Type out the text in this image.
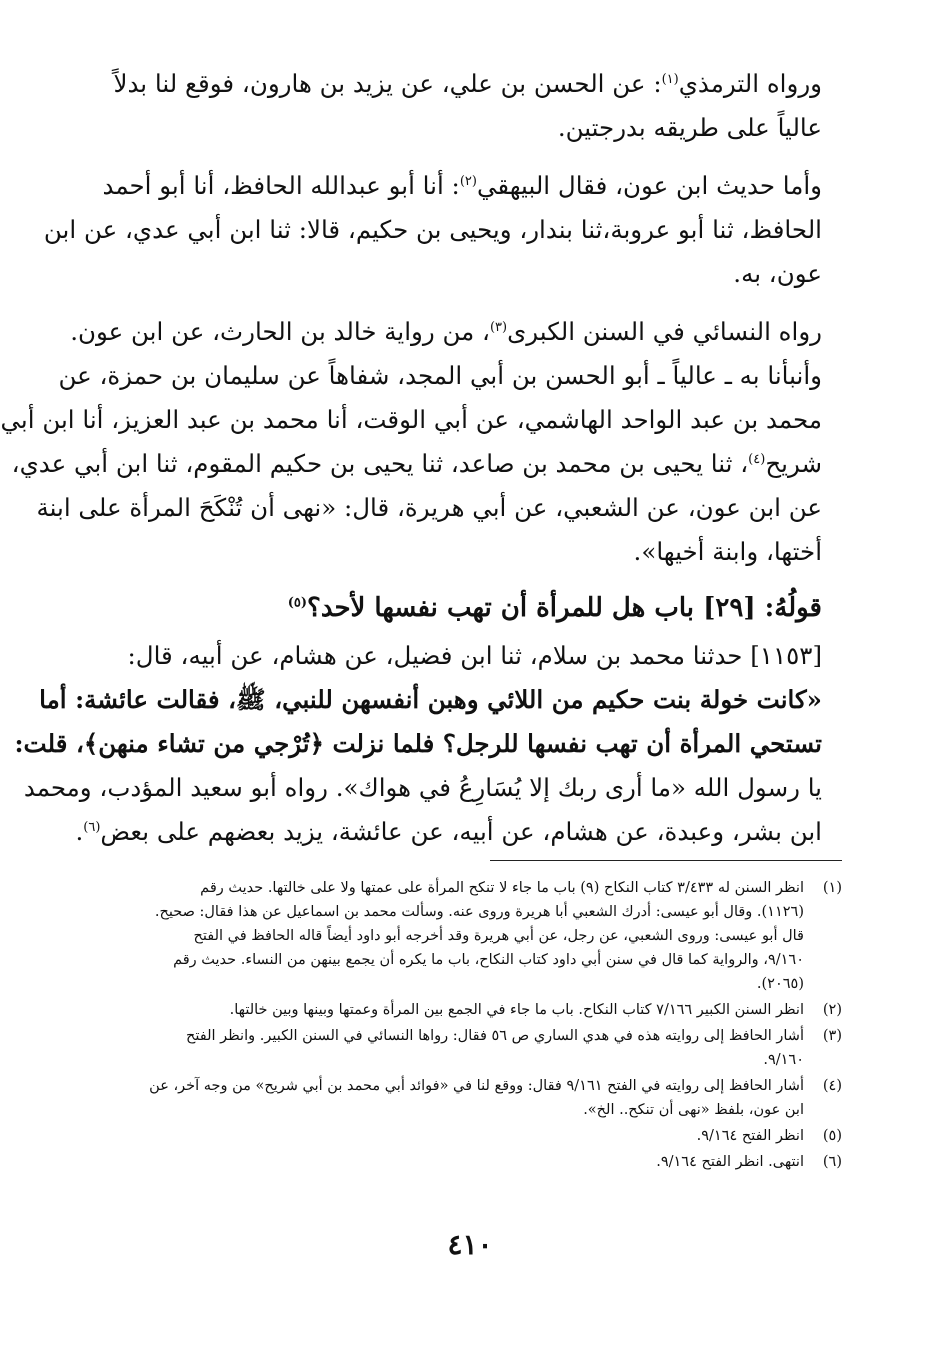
ورواه الترمذي$^{(١)}$: عن الحسن بن علي، عن يزيد بن هارون، فوقع لنا بدلاً
عالياً على طريقه بدرجتين.
وأما حديث ابن عون، فقال البيهقي$^{(٢)}$: أنا أبو عبدالله الحافظ، أنا أبو أحمد
الحافظ، ثنا أبو عروبة،ثنا بندار، ويحيى بن حكيم، قالا: ثنا ابن أبي عدي، عن ابن
عون، به.
رواه النسائي في السنن الكبرى$^{(٣)}$، من رواية خالد بن الحارث، عن ابن عون.
وأنبأنا به ـ عالياً ـ أبو الحسن بن أبي المجد، شفاهاً عن سليمان بن حمزة، عن
محمد بن عبد الواحد الهاشمي، عن أبي الوقت، أنا محمد بن عبد العزيز، أنا ابن أبي
شريح$^{(٤)}$، ثنا يحيى بن محمد بن صاعد، ثنا يحيى بن حكيم المقوم، ثنا ابن أبي عدي،
عن ابن عون، عن الشعبي، عن أبي هريرة، قال: «نهى أن تُنْكَحَ المرأة على ابنة
أختها، وابنة أخيها».
قولُهُ: [٢٩] باب هل للمرأة أن تهب نفسها لأحد؟$^{(٥)}$
[١١٥٣] حدثنا محمد بن سلام، ثنا ابن فضيل، عن هشام، عن أبيه، قال:
«كانت خولة بنت حكيم من اللائي وهبن أنفسهن للنبي، ﷺ، فقالت عائشة: أما
تستحي المرأة أن تهب نفسها للرجل؟ فلما نزلت ﴿تُرْجي من تشاء منهن﴾، قلت:
يا رسول الله «ما أرى ربك إلا يُسَارِعُ في هواك». رواه أبو سعيد المؤدب، ومحمد
ابن بشر، وعبدة، عن هشام، عن أبيه، عن عائشة، يزيد بعضهم على بعض$^{(٦)}$.
(١)
انظر السنن له ٣/٤٣٣ كتاب النكاح (٩) باب ما جاء لا تنكح المرأة على عمتها ولا على خالتها. حديث رقم
(١١٢٦). وقال أبو عيسى: أدرك الشعبي أبا هريرة وروى عنه. وسألت محمد بن اسماعيل عن هذا فقال: صحيح.
قال أبو عيسى: وروى الشعبي، عن رجل، عن أبي هريرة وقد أخرجه أبو داود أيضاً قاله الحافظ في الفتح
٩/١٦٠، والرواية كما قال في سنن أبي داود كتاب النكاح، باب ما يكره أن يجمع بينهن من النساء. حديث رقم
(٢٠٦٥).
(٢)
انظر السنن الكبير ٧/١٦٦ كتاب النكاح. باب ما جاء في الجمع بين المرأة وعمتها وبينها وبين خالتها.
(٣)
أشار الحافظ إلى روايته هذه في هدي الساري ص ٥٦ فقال: رواها النسائي في السنن الكبير. وانظر الفتح
٩/١٦٠.
(٤)
أشار الحافظ إلى روايته في الفتح ٩/١٦١ فقال: ووقع لنا في «فوائد أبي محمد بن أبي شريح» من وجه آخر، عن
ابن عون، بلفظ «نهى أن تنكح.. الخ».
(٥)
انظر الفتح ٩/١٦٤.
(٦)
انتهى. انظر الفتح ٩/١٦٤.
٤١٠
